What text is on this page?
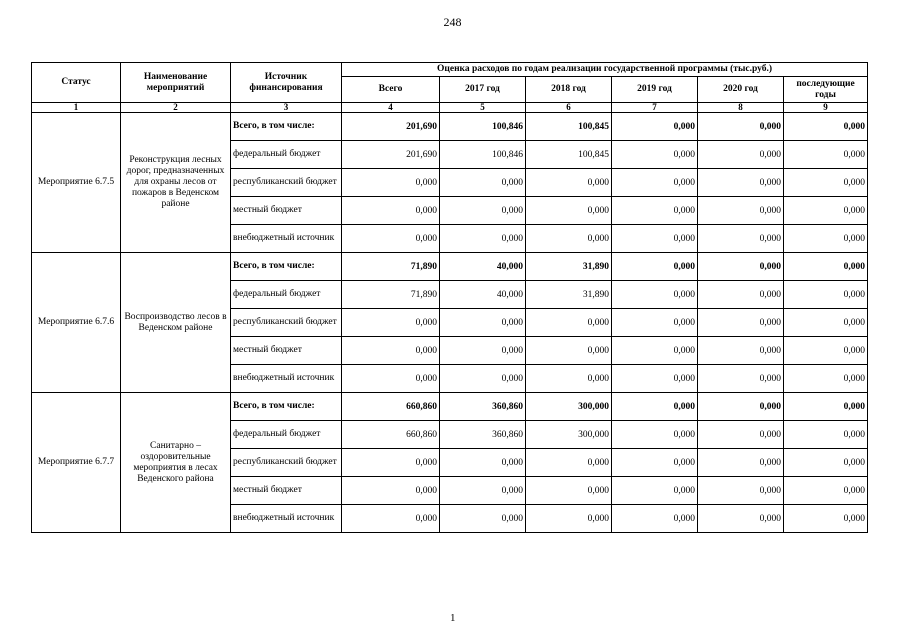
248
Статус	Наименование мероприятий	Источник финансирования	Оценка расходов по годам реализации государственной программы (тыс.руб.)					
			Всего	2017 год	2018 год	2019 год	2020 год	последующие годы
1	2	3	4	5	6	7	8	9
Мероприятие 6.7.5	Реконструкция лесных дорог, предназначенных для охраны лесов от пожаров в Веденском районе	Всего, в том числе:	201,690	100,846	100,845	0,000	0,000	0,000
		федеральный бюджет	201,690	100,846	100,845	0,000	0,000	0,000
		республиканский бюджет	0,000	0,000	0,000	0,000	0,000	0,000
		местный бюджет	0,000	0,000	0,000	0,000	0,000	0,000
		внебюджетный источник	0,000	0,000	0,000	0,000	0,000	0,000
Мероприятие 6.7.6	Воспроизводство лесов в Веденском районе	Всего, в том числе:	71,890	40,000	31,890	0,000	0,000	0,000
		федеральный бюджет	71,890	40,000	31,890	0,000	0,000	0,000
		республиканский бюджет	0,000	0,000	0,000	0,000	0,000	0,000
		местный бюджет	0,000	0,000	0,000	0,000	0,000	0,000
		внебюджетный источник	0,000	0,000	0,000	0,000	0,000	0,000
Мероприятие 6.7.7	Санитарно – оздоровительные мероприятия в лесах Веденского района	Всего, в том числе:	660,860	360,860	300,000	0,000	0,000	0,000
		федеральный бюджет	660,860	360,860	300,000	0,000	0,000	0,000
		республиканский бюджет	0,000	0,000	0,000	0,000	0,000	0,000
		местный бюджет	0,000	0,000	0,000	0,000	0,000	0,000
		внебюджетный источник	0,000	0,000	0,000	0,000	0,000	0,000
1
